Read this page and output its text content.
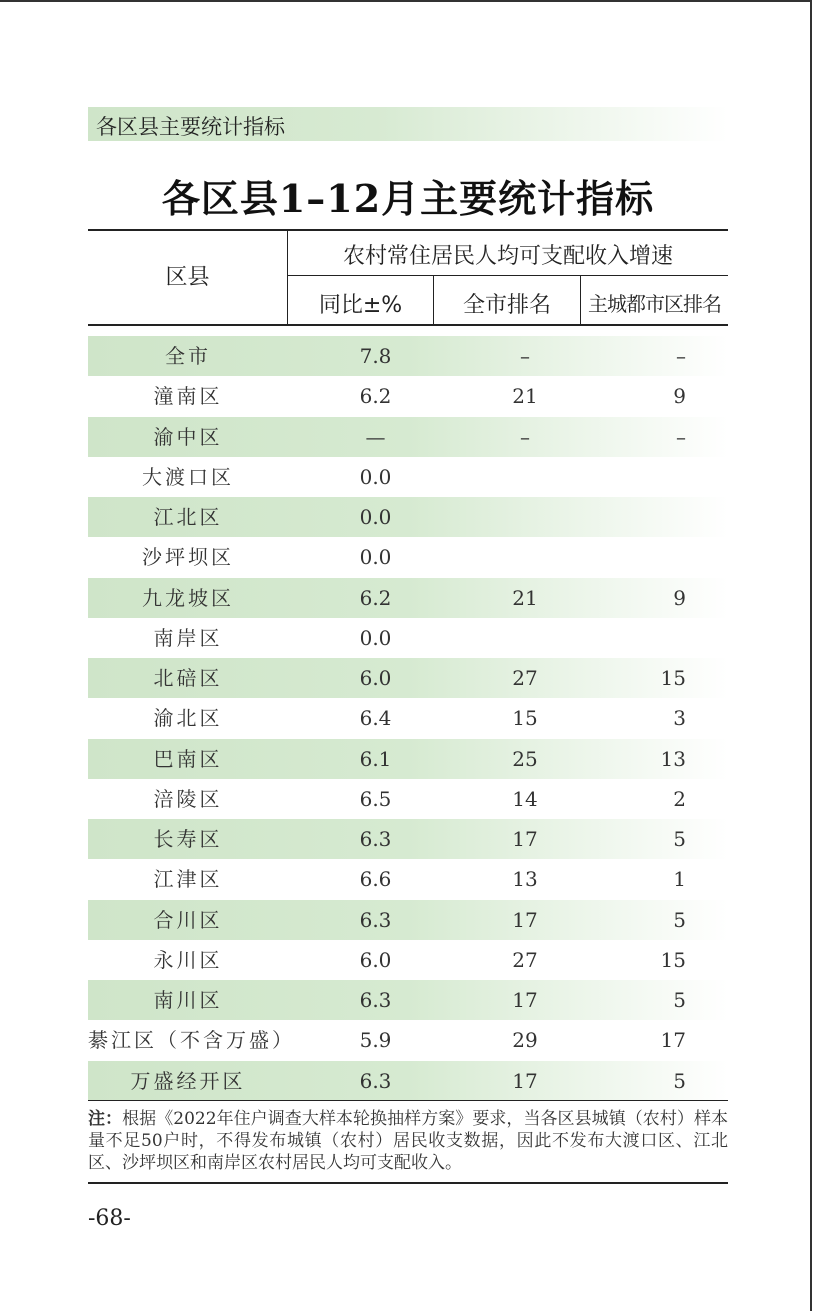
各区县主要统计指标
各区县1–12月主要统计指标
区县
农村常住居民人均可支配收入增速
同比±%	全市排名	主城都市区排名
全市	7.8	–	–
潼南区	6.2	21	9
渝中区	—	–	–
大渡口区	0.0
江北区	0.0
沙坪坝区	0.0
九龙坡区	6.2	21	9
南岸区	0.0
北碚区	6.0	27	15
渝北区	6.4	15	3
巴南区	6.1	25	13
涪陵区	6.5	14	2
长寿区	6.3	17	5
江津区	6.6	13	1
合川区	6.3	17	5
永川区	6.0	27	15
南川区	6.3	17	5
綦江区（不含万盛）	5.9	29	17
万盛经开区	6.3	17	5
注：根据《2022年住户调查大样本轮换抽样方案》要求，当各区县城镇（农村）样本量不足50户时，不得发布城镇（农村）居民收支数据，因此不发布大渡口区、江北区、沙坪坝区和南岸区农村居民人均可支配收入。
-68-
